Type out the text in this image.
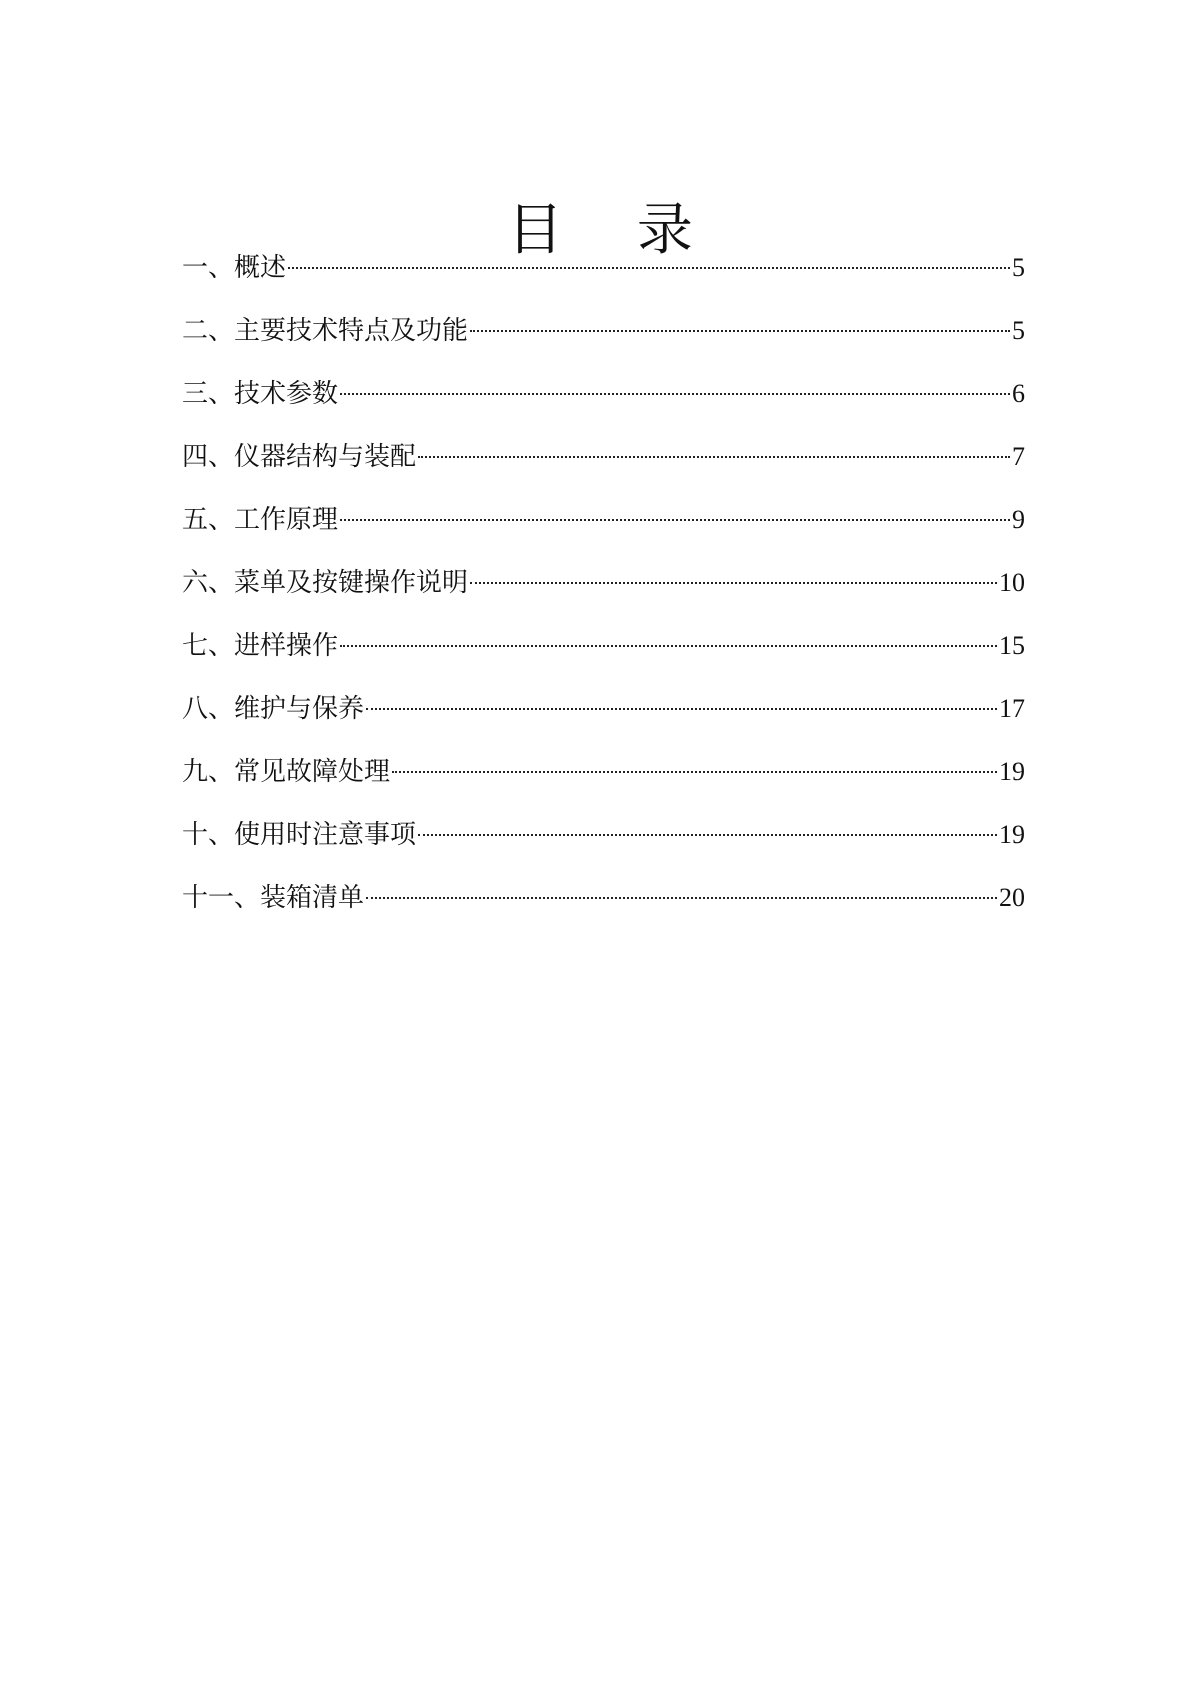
目 录
一、概述	5
二、主要技术特点及功能	5
三、技术参数	6
四、仪器结构与装配	7
五、工作原理	9
六、菜单及按键操作说明	10
七、进样操作	15
八、维护与保养	17
九、常见故障处理	19
十、使用时注意事项	19
十一、装箱清单	20
